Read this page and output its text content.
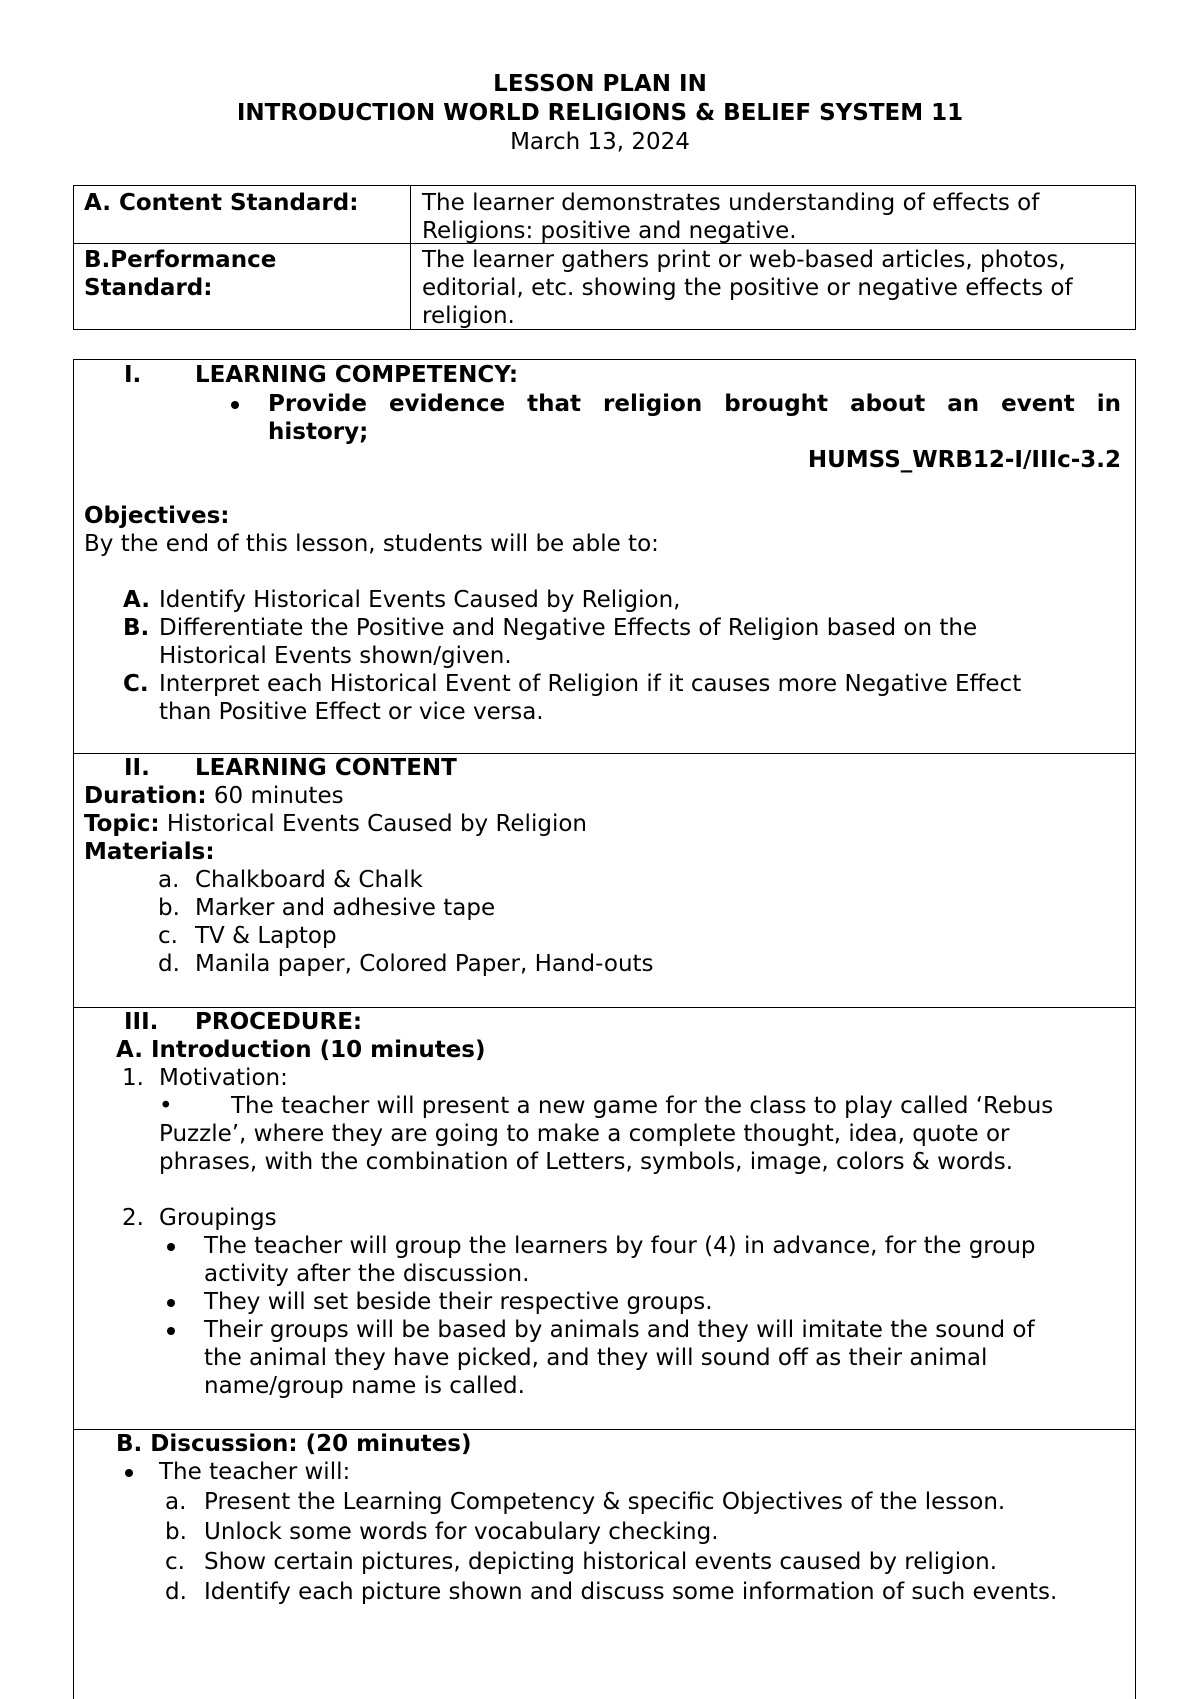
LESSON PLAN IN
INTRODUCTION WORLD RELIGIONS & BELIEF SYSTEM 11
March 13, 2024
A. Content Standard:	The learner demonstrates understanding of effects of
Religions: positive and negative.
B.Performance
Standard:
The learner gathers print or web-based articles, photos,
editorial, etc. showing the positive or negative effects of
religion.
I. LEARNING COMPETENCY:
Provide evidence that religion brought about an event in
history;
HUMSS_WRB12-I/IIIc-3.2
Objectives:
By the end of this lesson, students will be able to:
A. Identify Historical Events Caused by Religion,
B. Differentiate the Positive and Negative Effects of Religion based on the
Historical Events shown/given.
C. Interpret each Historical Event of Religion if it causes more Negative Effect
than Positive Effect or vice versa.
II. LEARNING CONTENT
Duration: 60 minutes
Topic: Historical Events Caused by Religion
Materials:
a. Chalkboard & Chalk
b. Marker and adhesive tape
c. TV & Laptop
d. Manila paper, Colored Paper, Hand-outs
III. PROCEDURE:
A. Introduction (10 minutes)
1. Motivation:
•	The teacher will present a new game for the class to play called ‘Rebus
Puzzle’, where they are going to make a complete thought, idea, quote or
phrases, with the combination of Letters, symbols, image, colors & words.
2. Groupings
The teacher will group the learners by four (4) in advance, for the group
activity after the discussion.
They will set beside their respective groups.
Their groups will be based by animals and they will imitate the sound of
the animal they have picked, and they will sound off as their animal
name/group name is called.
B. Discussion: (20 minutes)
The teacher will:
a. Present the Learning Competency & specific Objectives of the lesson.
b. Unlock some words for vocabulary checking.
c. Show certain pictures, depicting historical events caused by religion.
d. Identify each picture shown and discuss some information of such events.
